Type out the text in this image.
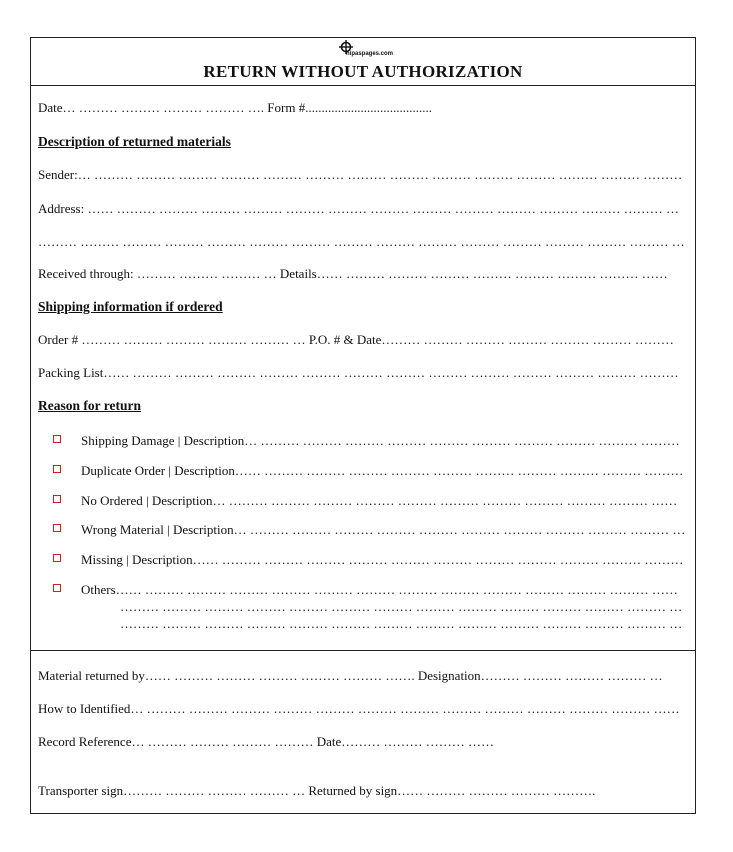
hipaspages.com
RETURN WITHOUT AUTHORIZATION
Date… ……… ……… ……… ……… …. Form #.......................................
Description of returned materials
Sender:… ……… ……… ……… ……… ……… ……… ……… ……… ……… ……… ……… ……… ……… ………
Address: …… ……… ……… ……… ……… ……… ……… ……… ……… ……… ……… ……… ……… ……… …
……… ……… ……… ……… ……… ……… ……… ……… ……… ……… ……… ……… ……… ……… ……… …
Received through: ……… ……… ……… … Details…… ……… ……… ……… ……… ……… ……… ……… ……
Shipping information if ordered
Order # ……… ……… ……… ……… ……… … P.O. # & Date……… ……… ……… ……… ……… ……… ………
Packing List…… ……… ……… ……… ……… ……… ……… ……… ……… ……… ……… ……… ……… ………
Reason for return
Shipping Damage | Description… ……… ……… ……… ……… ……… ……… ……… ……… ……… ………
Duplicate Order | Description…… ……… ……… ……… ……… ……… ……… ……… ……… ……… ………
No Ordered | Description… ……… ……… ……… ……… ……… ……… ……… ……… ……… ……… ……
Wrong Material | Description… ……… ……… ……… ……… ……… ……… ……… ……… ……… ……… …
Missing | Description…… ……… ……… ……… ……… ……… ……… ……… ……… ……… ……… ………
Others…… ……… ……… ……… ……… ……… ……… ……… ……… ……… ……… ……… ……… ……
……… ……… ……… ……… ……… ……… ……… ……… ……… ……… ……… ……… ……… …
……… ……… ……… ……… ……… ……… ……… ……… ……… ……… ……… ……… ……… …
Material returned by…… ……… ……… ……… ……… ……… ……. Designation……… ……… ……… ……… …
How to Identified… ……… ……… ……… ……… ……… ……… ……… ……… ……… ……… ……… ……… ……
Record Reference… ……… ……… ……… ……… Date……… ……… ……… ……
Transporter sign……… ……… ……… ……… … Returned by sign…… ……… ……… ……… ……….
